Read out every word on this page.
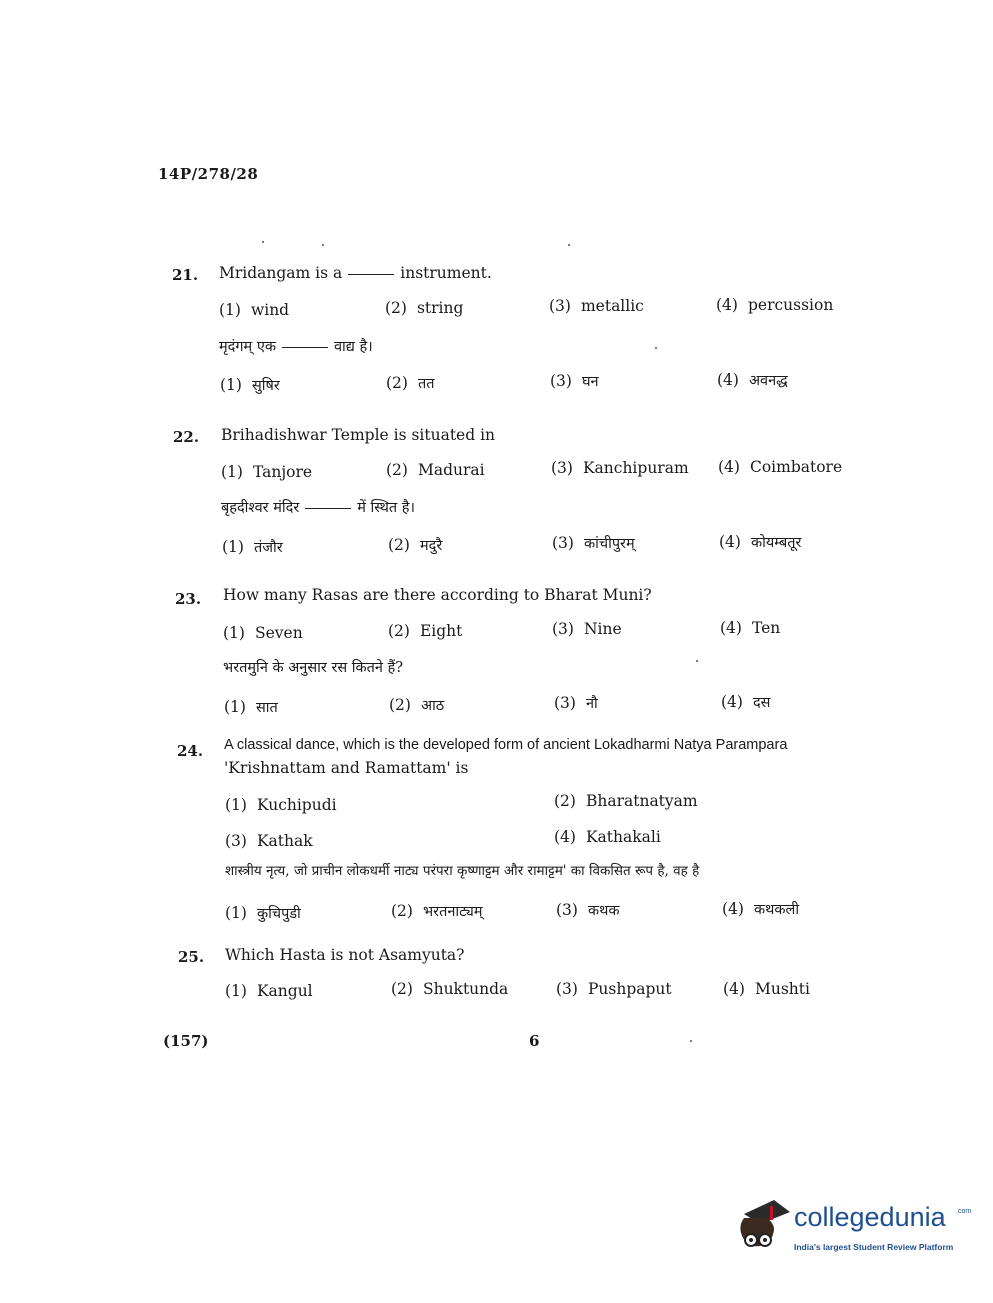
14P/278/28
21. Mridangam is a	instrument.
(1) wind	(2) string	(3) metallic	(4) percussion
मृदंगम् एक	वाद्य है।
(1) सुषिर	(2) तत	(3) घन	(4) अवनद्ध
22. Brihadishwar Temple is situated in
(1) Tanjore	(2) Madurai	(3) Kanchipuram (4) Coimbatore
बृहदीश्वर मंदिर	में स्थित है।
(1) तंजौर	(2) मदुरै	(3) कांचीपुरम्	(4) कोयम्बतूर
23. How many Rasas are there according to Bharat Muni?
(1) Seven	(2) Eight	(3) Nine	(4) Ten
भरतमुनि के अनुसार रस कितने हैं?
(1) सात	(2) आठ	(3) नौ	(4) दस
24. A classical dance, which is the developed form of ancient Lokadharmi Natya Parampara
'Krishnattam and Ramattam' is
(1) Kuchipudi	(2) Bharatnatyam
(3) Kathak	(4) Kathakali
शास्त्रीय नृत्य, जो प्राचीन लोकधर्मी नाट्य परंपरा कृष्णाट्टम और रामाट्टम' का विकसित रूप है, वह है
(1) कुचिपुडी	(2) भरतनाट्यम्	(3) कथक	(4) कथकली
25. Which Hasta is not Asamyuta?
(1) Kangul	(2) Shuktunda	(3) Pushpaput	(4) Mushti
(157)	6
collegedunia .com
India's largest Student Review Platform
